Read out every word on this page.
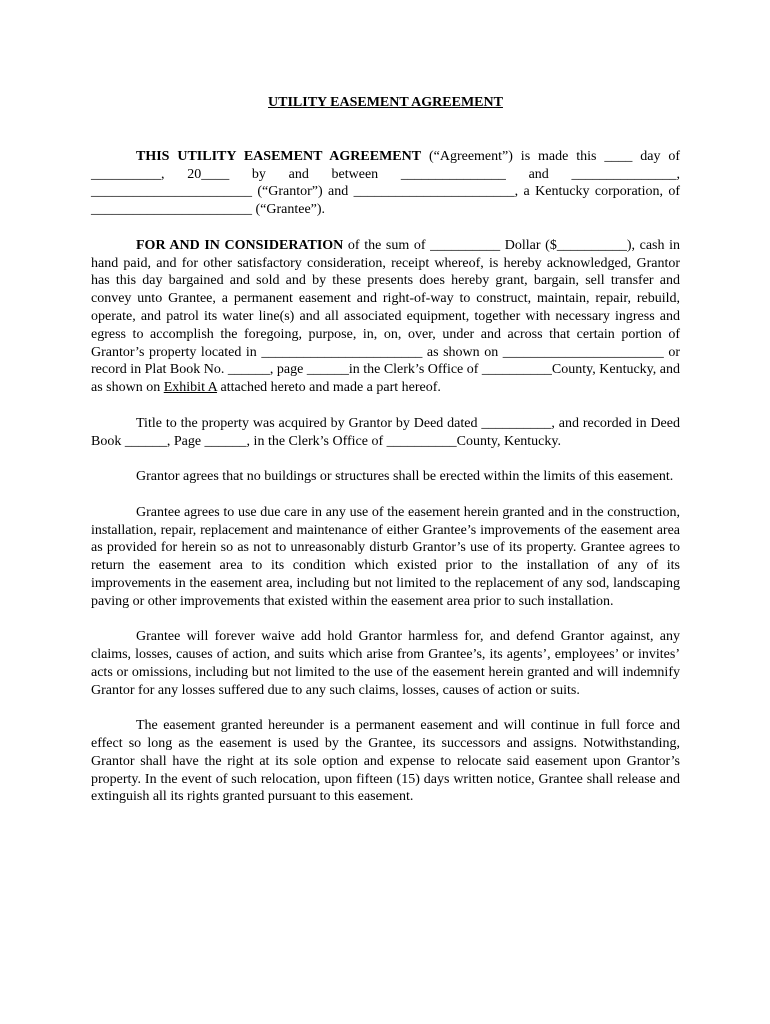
UTILITY EASEMENT AGREEMENT

THIS UTILITY EASEMENT AGREEMENT (“Agreement”) is made this ____ day of __________, 20____ by and between _______________ and _______________, _______________________ (“Grantor”) and _______________________, a Kentucky corporation, of _______________________ (“Grantee”).

FOR AND IN CONSIDERATION of the sum of __________ Dollar ($__________), cash in hand paid, and for other satisfactory consideration, receipt whereof, is hereby acknowledged, Grantor has this day bargained and sold and by these presents does hereby grant, bargain, sell transfer and convey unto Grantee, a permanent easement and right-of-way to construct, maintain, repair, rebuild, operate, and patrol its water line(s) and all associated equipment, together with necessary ingress and egress to accomplish the foregoing, purpose, in, on, over, under and across that certain portion of Grantor’s property located in _______________________ as shown on _______________________ or record in Plat Book No. ______, page ______in the Clerk’s Office of __________County, Kentucky, and as shown on Exhibit A attached hereto and made a part hereof.

Title to the property was acquired by Grantor by Deed dated __________, and recorded in Deed Book ______, Page ______, in the Clerk’s Office of __________County, Kentucky.

Grantor agrees that no buildings or structures shall be erected within the limits of this easement.

Grantee agrees to use due care in any use of the easement herein granted and in the construction, installation, repair, replacement and maintenance of either Grantee’s improvements of the easement area as provided for herein so as not to unreasonably disturb Grantor’s use of its property. Grantee agrees to return the easement area to its condition which existed prior to the installation of any of its improvements in the easement area, including but not limited to the replacement of any sod, landscaping paving or other improvements that existed within the easement area prior to such installation.

Grantee will forever waive add hold Grantor harmless for, and defend Grantor against, any claims, losses, causes of action, and suits which arise from Grantee’s, its agents’, employees’ or invites’ acts or omissions, including but not limited to the use of the easement herein granted and will indemnify Grantor for any losses suffered due to any such claims, losses, causes of action or suits.

The easement granted hereunder is a permanent easement and will continue in full force and effect so long as the easement is used by the Grantee, its successors and assigns. Notwithstanding, Grantor shall have the right at its sole option and expense to relocate said easement upon Grantor’s property. In the event of such relocation, upon fifteen (15) days written notice, Grantee shall release and extinguish all its rights granted pursuant to this easement.
